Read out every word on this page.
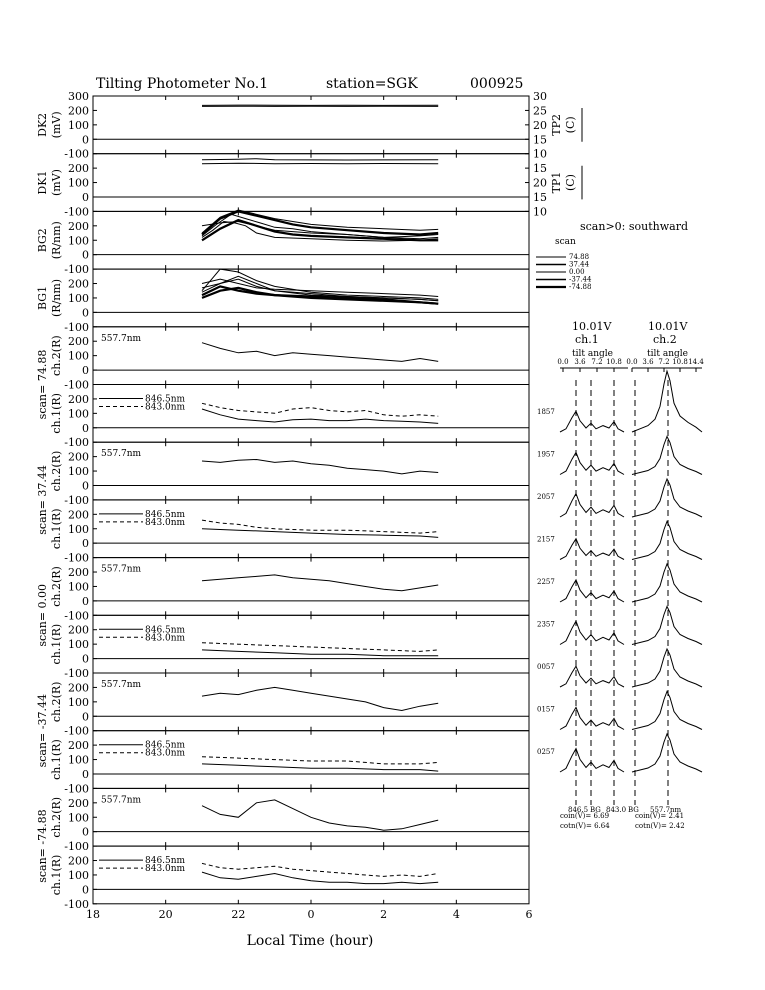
Tilting Photometer No.1	station=SGK	000925
300
200
100
0
-100
30
25
20
15
10
TP2 (C)
DK2 (mV)
200
100
0
-100
15
20
15
10
TP1 (C)
DK1 (mV)
200
100
0
-100
BG2 (R/nm)
200
100
0
-100
BG1 (R/nm)
200
100
0
-100
ch.2(R)
scan= 74.88
557.7nm
200
100
0
-100
ch.1(R)	846.5nm
843.0nm
200
100
0
-100
ch.2(R)
scan= 37.44
557.7nm
200
100
0
-100
ch.1(R)	846.5nm
843.0nm
200
100
0
-100
ch.2(R)
scan= 0.00
557.7nm
200
100
0
-100
ch.1(R)	846.5nm
843.0nm
200
100
0
-100
ch.2(R)
scan= -37.44
557.7nm
200
100
0
-100
ch.1(R)	846.5nm
843.0nm
200
100
0
-100
ch.2(R)
scan= -74.88
557.7nm
200
100
0
-100
ch.1(R)	846.5nm
843.0nm
18	20	22	0	2	4	6
Local Time (hour)
scan>0: southward
scan
74.88
37.44
0.00
-37.44
-74.88
10.01V
ch.1
tilt angle
10.01V
ch.2
tilt angle
coin(V)= 6.69
cotn(V)= 6.64
coin(V)= 2.41
cotn(V)= 2.42
0.0 3.6 7.2 10.8 0.0 3.6 7.2 10.8 14.4
846.5 BG 843.0 BG 557.7nm
1857
1957
2057
2157
2257
2357
0057
0157
0257
